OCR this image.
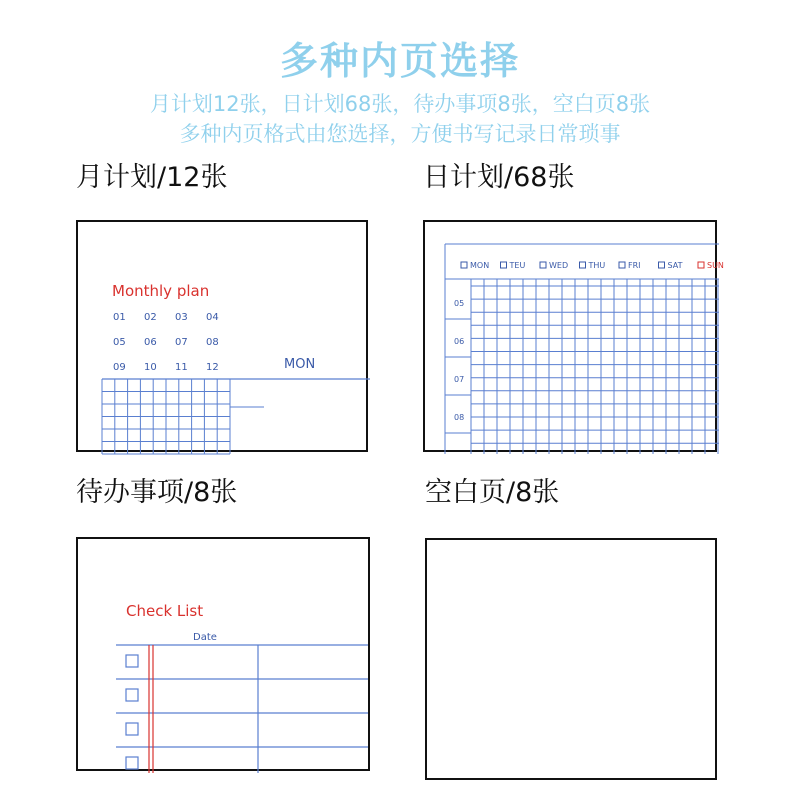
多种内页选择
月计划12张，日计划68张，待办事项8张，空白页8张
多种内页格式由您选择，方便书写记录日常琐事
月计划/12张
Monthly plan
MON
01 02 03 04
05 06 07 08
09 10 11 12
日计划/68张
MON	TEU	WED	THU	FRI	SAT	SUN
05
06
07
08
待办事项/8张
Check List
Date
空白页/8张
